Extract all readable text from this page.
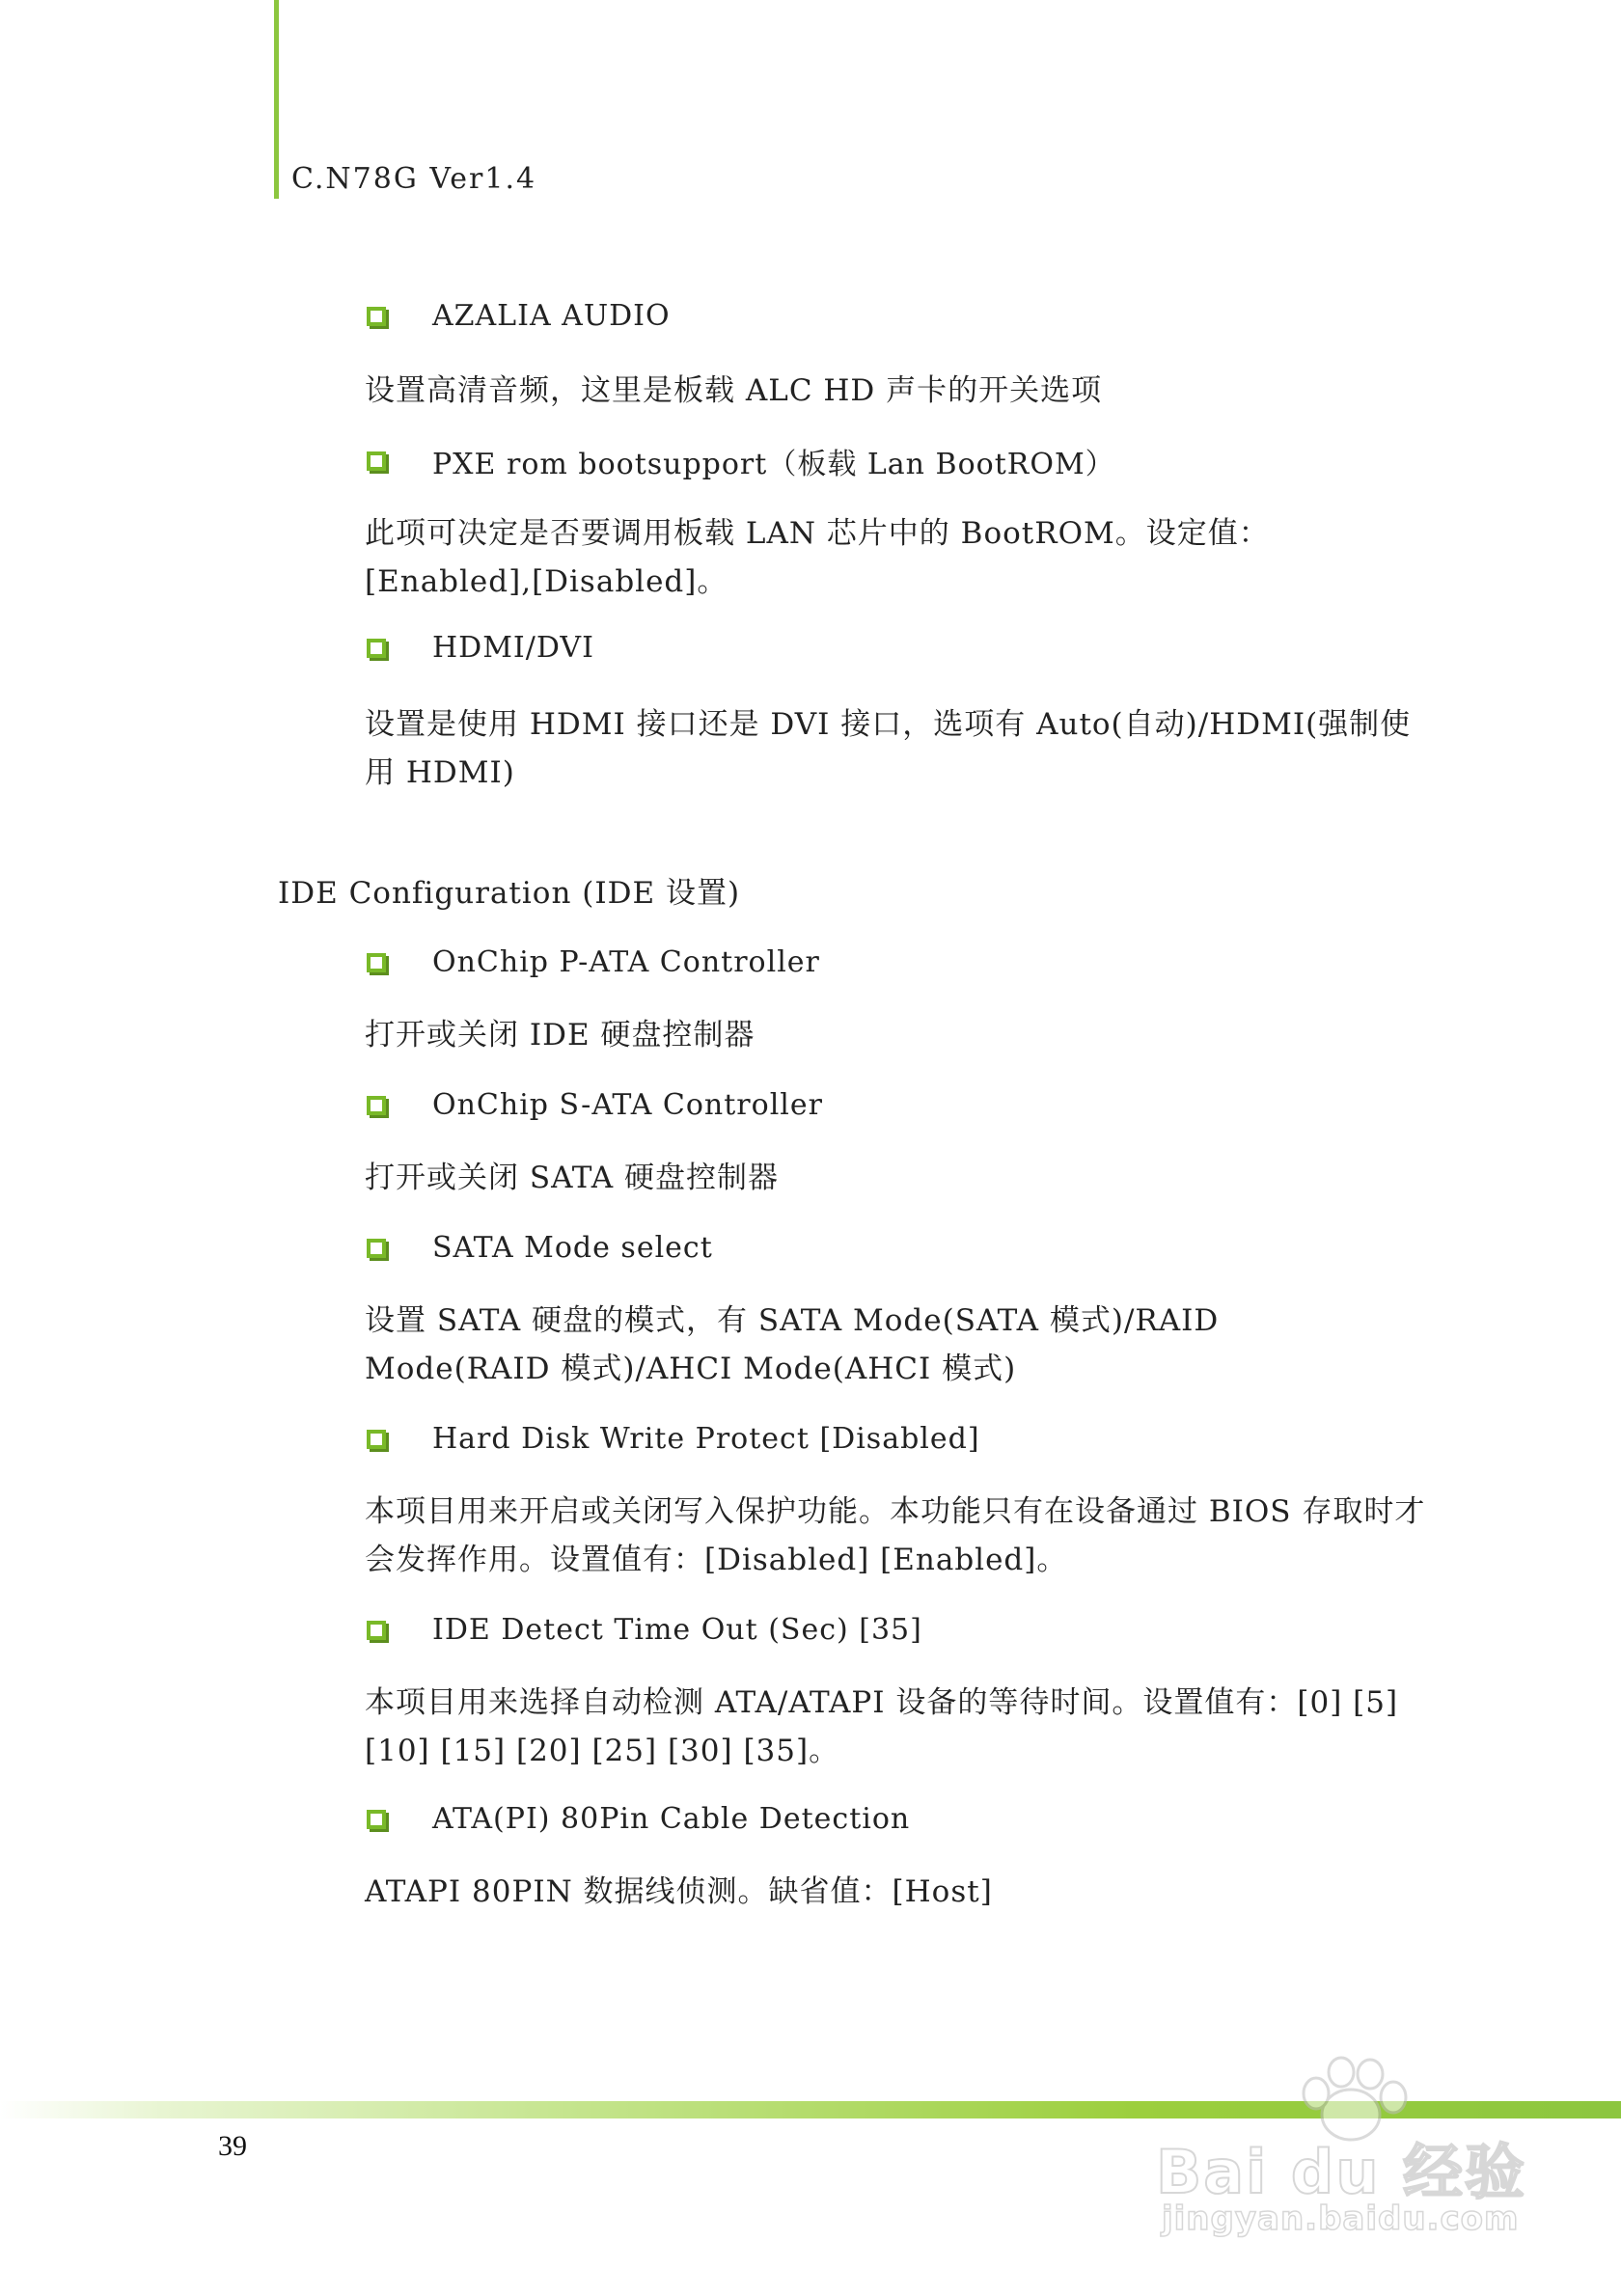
C.N78G Ver1.4
AZALIA AUDIO
设置高清音频，这里是板载 ALC HD 声卡的开关选项
PXE rom bootsupport（板载 Lan BootROM）
此项可决定是否要调用板载 LAN 芯片中的 BootROM。设定值：[Enabled],[Disabled]。
HDMI/DVI
设置是使用 HDMI 接口还是 DVI 接口，选项有 Auto(自动)/HDMI(强制使用 HDMI)
IDE Configuration (IDE 设置)
OnChip P-ATA Controller
打开或关闭 IDE 硬盘控制器
OnChip S-ATA Controller
打开或关闭 SATA 硬盘控制器
SATA Mode select
设置 SATA 硬盘的模式，有 SATA Mode(SATA 模式)/RAID Mode(RAID 模式)/AHCI Mode(AHCI 模式)
Hard Disk Write Protect [Disabled]
本项目用来开启或关闭写入保护功能。本功能只有在设备通过 BIOS 存取时才会发挥作用。设置值有：[Disabled] [Enabled]。
IDE Detect Time Out (Sec) [35]
本项目用来选择自动检测 ATA/ATAPI 设备的等待时间。设置值有：[0] [5] [10] [15] [20] [25] [30] [35]。
ATA(PI) 80Pin Cable Detection
ATAPI 80PIN 数据线侦测。缺省值：[Host]
39	Bai du 经验
jingyan.baidu.com
